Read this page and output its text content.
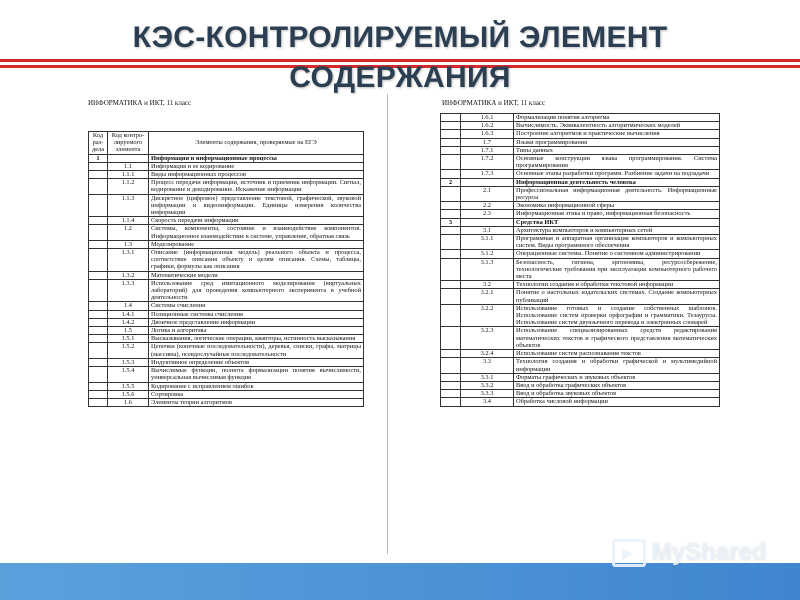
КЭС-КОНТРОЛИРУЕМЫЙ ЭЛЕМЕНТ
СОДЕРЖАНИЯ
ИНФОРМАТИКА и ИКТ, 11 класс
Код раз-дела	Код контро-лируемого элемента	Элементы содержания, проверяемые на ЕГЭ
1		Информация и информационные процессы
	1.1	Информация и ее кодирование
	1.1.1	Виды информационных процессов
	1.1.2	Процесс передачи информации, источник и приемник информации. Сигнал, кодирование и декодирование. Искажение информации
	1.1.3	Дискретное (цифровое) представление текстовой, графической, звуковой информации и видеоинформации. Единицы измерения количества информации
	1.1.4	Скорость передачи информации
	1.2	Системы, компоненты, состояние и взаимодействие компонентов. Информационное взаимодействие в системе, управление, обратная связь
	1.3	Моделирование
	1.3.1	Описание (информационная модель) реального объекта и процесса, соответствие описания объекту и целям описания. Схемы, таблицы, графики, формулы как описания
	1.3.2	Математические модели
	1.3.3	Использование сред имитационного моделирования (виртуальных лабораторий) для проведения компьютерного эксперимента в учебной деятельности
	1.4	Системы счисления
	1.4.1	Позиционные системы счисления
	1.4.2	Двоичное представление информации
	1.5	Логика и алгоритмы
	1.5.1	Высказывания, логические операции, кванторы, истинность высказывания
	1.5.2	Цепочки (конечные последовательности), деревья, списки, графы, матрицы (массивы), псевдослучайные последовательности
	1.5.3	Индуктивное определение объектов
	1.5.4	Вычислимые функции, полнота формализации понятия вычислимости, универсальная вычислимая функция
	1.5.5	Кодирование с исправлением ошибок
	1.5.6	Сортировка
	1.6	Элементы теории алгоритмов
ИНФОРМАТИКА и ИКТ, 11 класс
	1.6.1	Формализация понятия алгоритма
	1.6.2	Вычислимость. Эквивалентность алгоритмических моделей
	1.6.3	Построение алгоритмов и практические вычисления
	1.7	Языки программирования
	1.7.1	Типы данных
	1.7.2	Основные конструкции языка программирования. Система программирования
	1.7.3	Основные этапы разработки программ. Разбиение задачи на подзадачи
2		Информационная деятельность человека
	2.1	Профессиональная информационная деятельность. Информационные ресурсы
	2.2	Экономика информационной сферы
	2.3	Информационная этика и право, информационная безопасность
3		Средства ИКТ
	3.1	Архитектура компьютеров и компьютерных сетей
	3.1.1	Программная и аппаратная организация компьютеров и компьютерных систем. Виды программного обеспечения
	3.1.2	Операционные системы. Понятие о системном администрировании
	3.1.3	Безопасность, гигиена, эргономика, ресурсосбережение, технологические требования при эксплуатации компьютерного рабочего места
	3.2	Технологии создания и обработки текстовой информации
	3.2.1	Понятие о настольных издательских системах. Создание компьютерных публикаций
	3.2.2	Использование готовых и создание собственных шаблонов. Использование систем проверки орфографии и грамматики. Тезаурусы. Использование систем двуязычного перевода и электронных словарей
	3.2.3	Использование специализированных средств редактирования математических текстов и графического представления математических объектов
	3.2.4	Использование систем распознавания текстов
	3.3	Технология создания и обработки графической и мультимедийной информации
	3.3.1	Форматы графических и звуковых объектов
	3.3.2	Ввод и обработка графических объектов
	3.3.3	Ввод и обработка звуковых объектов
	3.4	Обработка числовой информации
MyShared
